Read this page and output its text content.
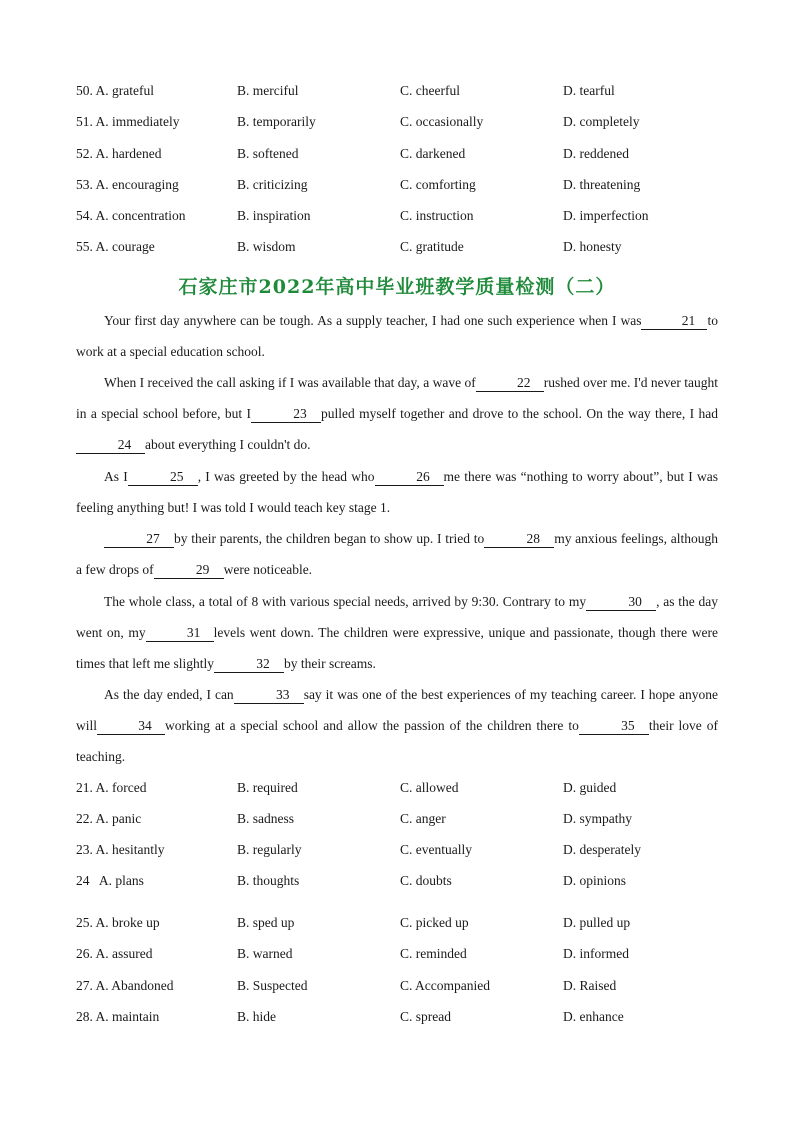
50. A. grateful	B. merciful	C. cheerful	D. tearful
51. A. immediately	B. temporarily	C. occasionally	D. completely
52. A. hardened	B. softened	C. darkened	D. reddened
53. A. encouraging	B. criticizing	C. comforting	D. threatening
54. A. concentration	B. inspiration	C. instruction	D. imperfection
55. A. courage	B. wisdom	C. gratitude	D. honesty
石家庄市2022年高中毕业班教学质量检测（二）
Your first day anywhere can be tough. As a supply teacher, I had one such experience when I was	21 to work at a special education school.
When I received the call asking if I was available that day, a wave of	22 rushed over me. I'd never taught in a special school before, but I	23 pulled myself together and drove to the school. On the way there, I had24 about everything I couldn't do.
As I	25 , I was greeted by the head who	26 me there was “nothing to worry about”, but I was feeling anything but! I was told I would teach key stage 1.
27 by their parents, the children began to show up. I tried to	28 my anxious feelings, although a few drops of	29 were noticeable.
The whole class, a total of 8 with various special needs, arrived by 9:30. Contrary to my	30 , as the day went on, my	31 levels went down. The children were expressive, unique and passionate, though there were times that left me slightly	32 by their screams.
As the day ended, I can	33 say it was one of the best experiences of my teaching career. I hope anyone will	34 working at a special school and allow the passion of the children there to	35 their love of teaching.
21. A. forced	B. required	C. allowed	D. guided
22. A. panic	B. sadness	C. anger	D. sympathy
23. A. hesitantly	B. regularly	C. eventually	D. desperately
24   A. plans	B. thoughts	C. doubts	D. opinions
25. A. broke up	B. sped up	C. picked up	D. pulled up
26. A. assured	B. warned	C. reminded	D. informed
27. A. Abandoned	B. Suspected	C. Accompanied	D. Raised
28. A. maintain	B. hide	C. spread	D. enhance
